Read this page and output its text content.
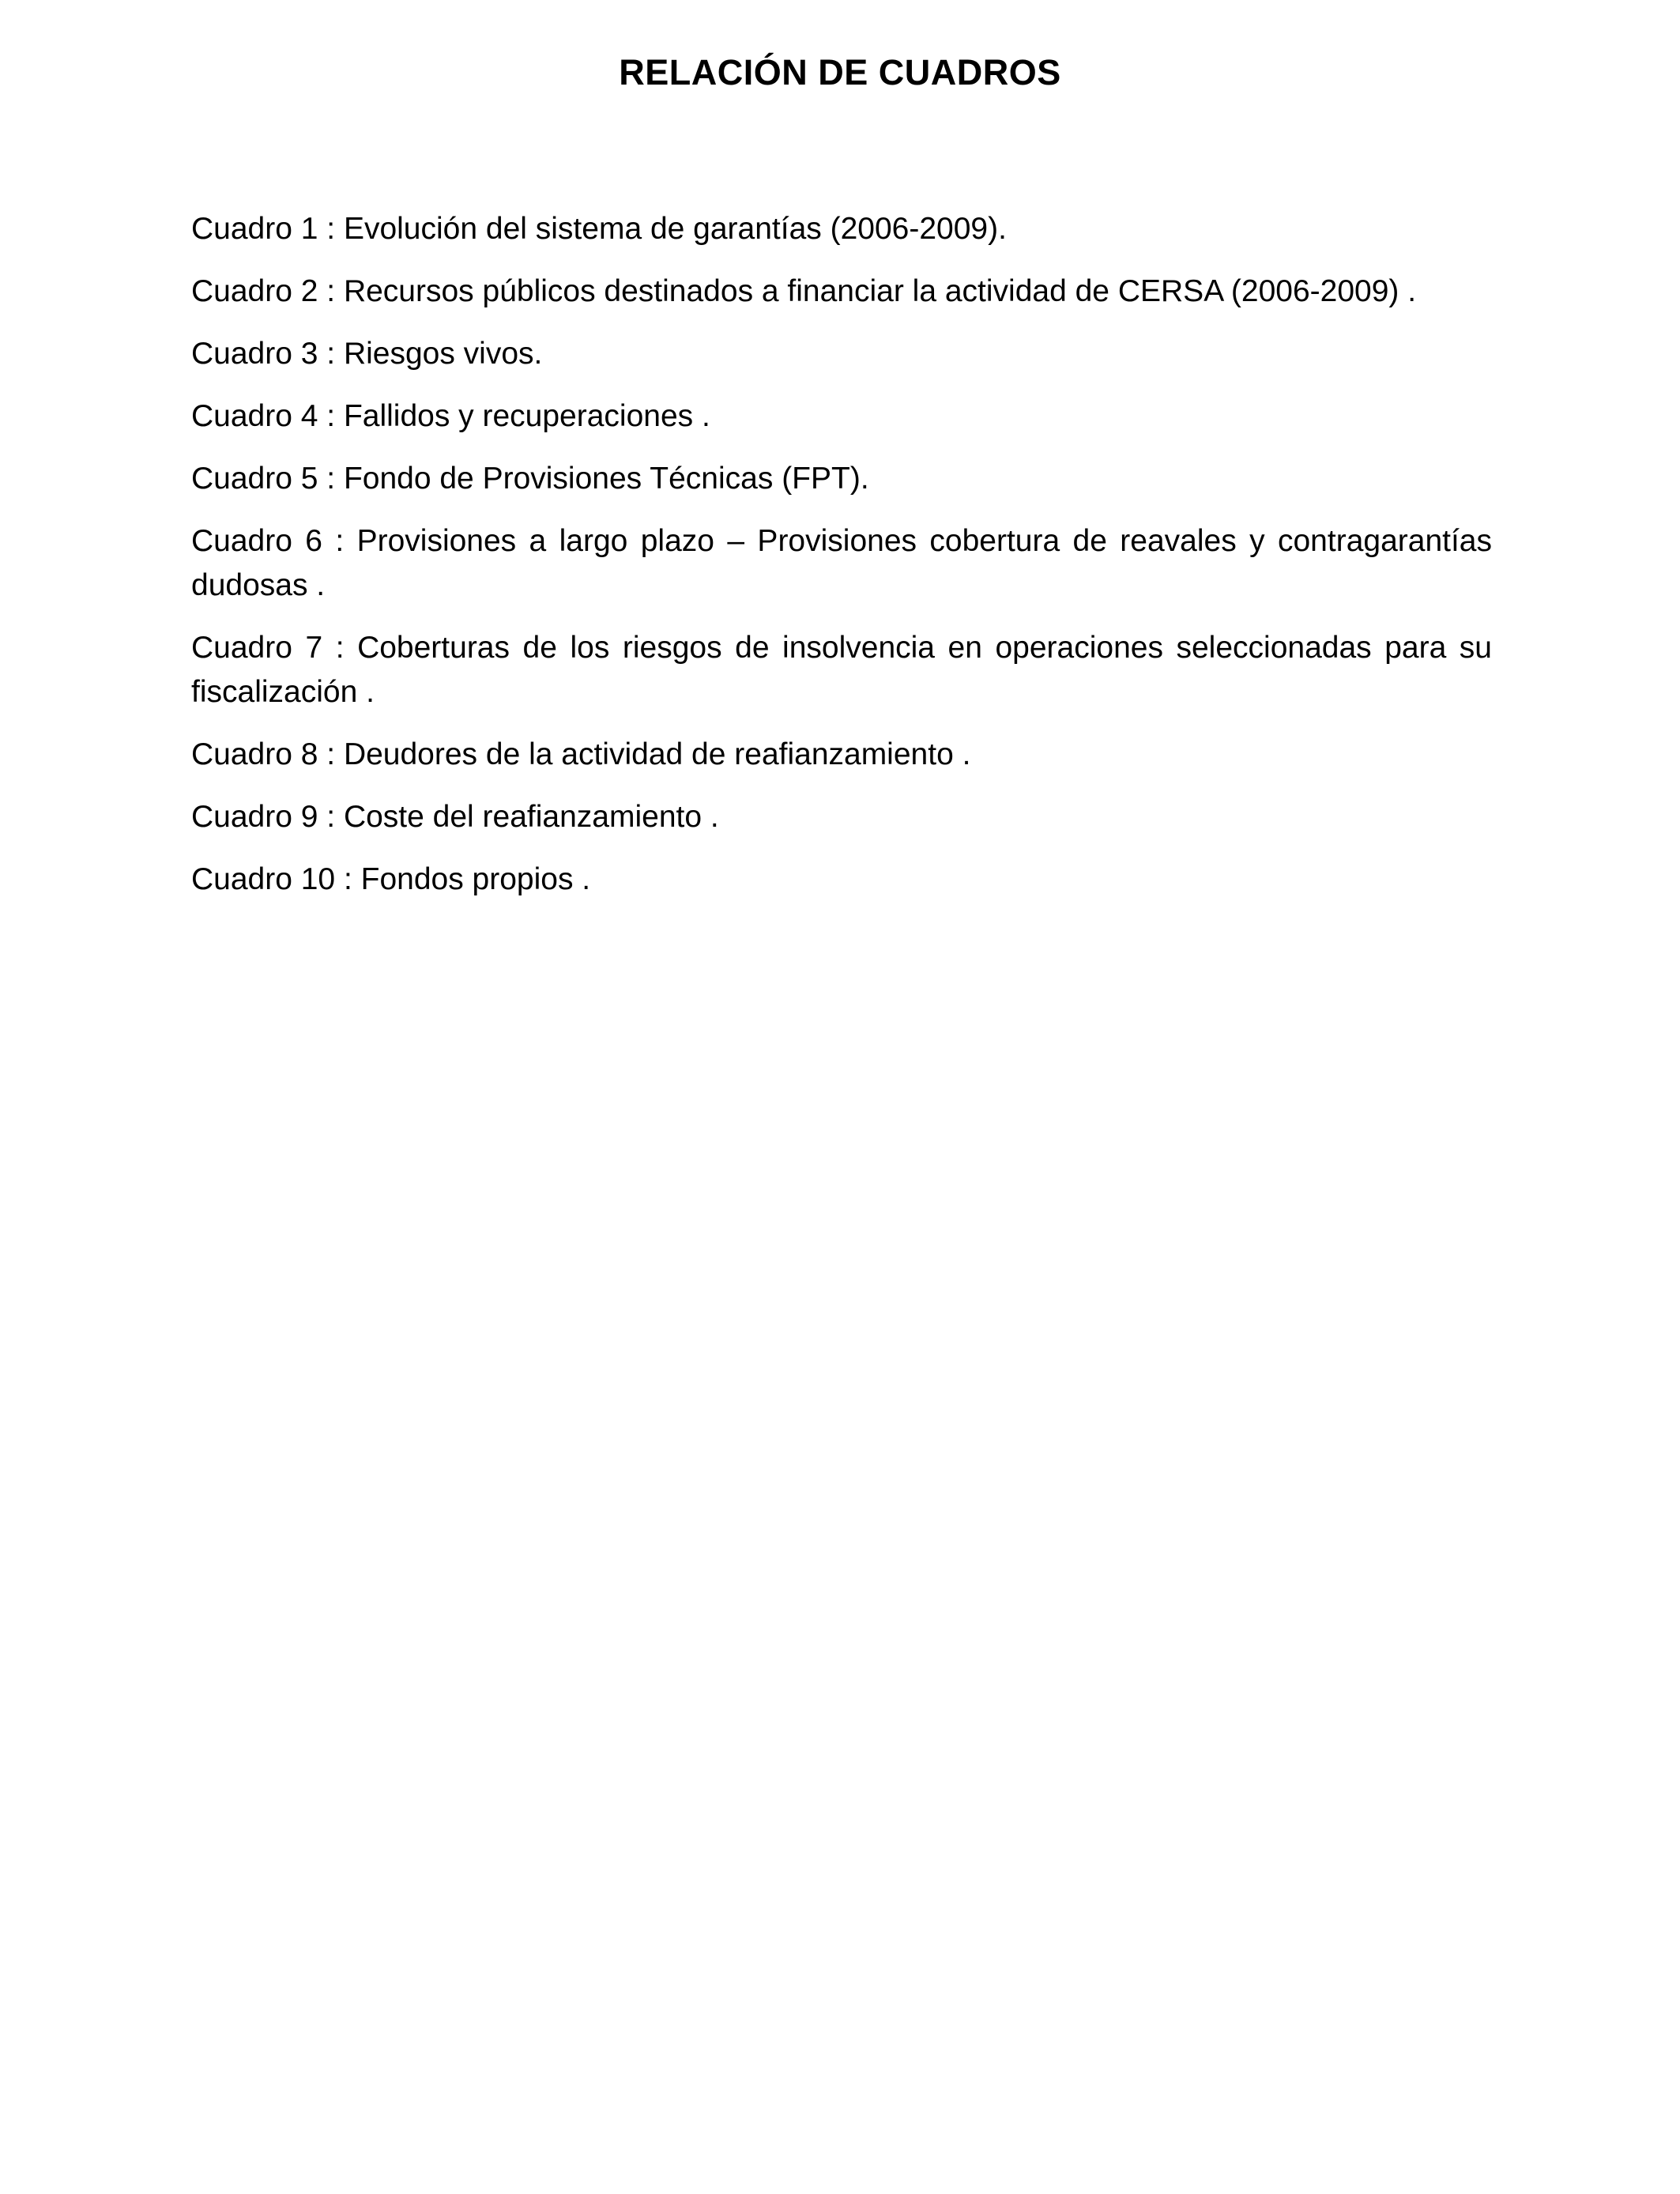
RELACIÓN DE CUADROS
Cuadro 1 : Evolución del sistema de garantías (2006-2009).
Cuadro 2 : Recursos públicos destinados a financiar la actividad de CERSA (2006-2009) .
Cuadro 3 : Riesgos vivos.
Cuadro 4 : Fallidos y recuperaciones .
Cuadro 5 : Fondo de Provisiones Técnicas (FPT).
Cuadro 6 : Provisiones a largo plazo – Provisiones cobertura de reavales y contragarantías dudosas .
Cuadro 7 : Coberturas de los riesgos de insolvencia en operaciones seleccionadas para su fiscalización .
Cuadro 8 : Deudores de la actividad de reafianzamiento .
Cuadro 9 : Coste del reafianzamiento .
Cuadro 10 : Fondos propios .
